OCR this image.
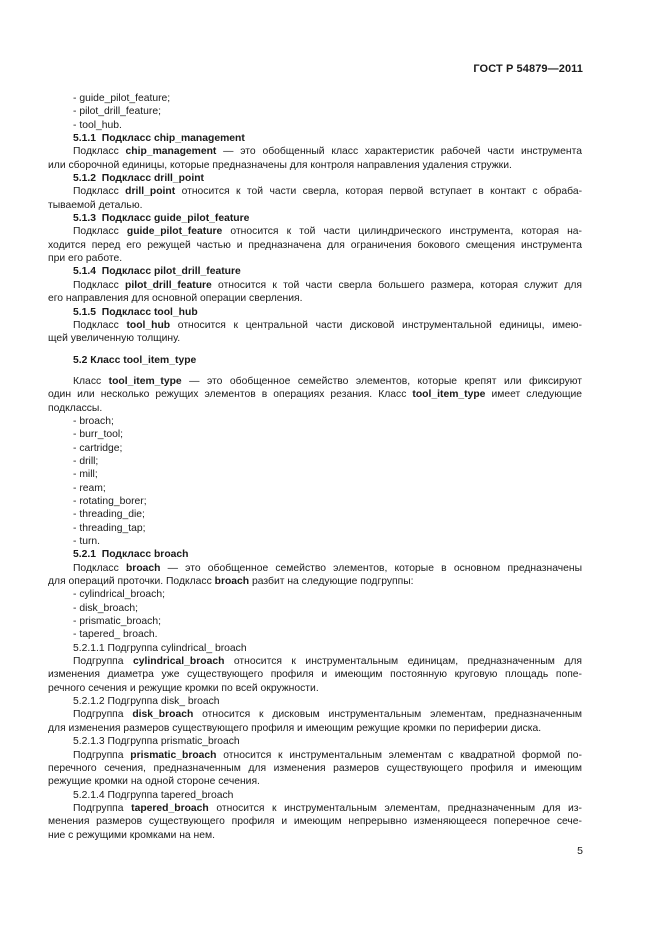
ГОСТ Р 54879—2011
- guide_pilot_feature;
- pilot_drill_feature;
- tool_hub.
5.1.1 Подкласс chip_management
Подкласс chip_management — это обобщенный класс характеристик рабочей части инструмента
или сборочной единицы, которые предназначены для контроля направления удаления стружки.
5.1.2 Подкласс drill_point
Подкласс drill_point относится к той части сверла, которая первой вступает в контакт с обраба-
тываемой деталью.
5.1.3 Подкласс guide_pilot_feature
Подкласс guide_pilot_feature относится к той части цилиндрического инструмента, которая на-
ходится перед его режущей частью и предназначена для ограничения бокового смещения инструмента
при его работе.
5.1.4 Подкласс pilot_drill_feature
Подкласс pilot_drill_feature относится к той части сверла большего размера, которая служит для
его направления для основной операции сверления.
5.1.5 Подкласс tool_hub
Подкласс tool_hub относится к центральной части дисковой инструментальной единицы, имею-
щей увеличенную толщину.
5.2 Класс tool_item_type
Класс tool_item_type — это обобщенное семейство элементов, которые крепят или фиксируют
один или несколько режущих элементов в операциях резания. Класс tool_item_type имеет следующие
подклассы.
- broach;
- burr_tool;
- cartridge;
- drill;
- mill;
- ream;
- rotating_borer;
- threading_die;
- threading_tap;
- turn.
5.2.1 Подкласс broach
Подкласс broach — это обобщенное семейство элементов, которые в основном предназначены
для операций проточки. Подкласс broach разбит на следующие подгруппы:
- cylindrical_broach;
- disk_broach;
- prismatic_broach;
- tapered_ broach.
5.2.1.1 Подгруппа cylindrical_ broach
Подгруппа cylindrical_broach относится к инструментальным единицам, предназначенным для
изменения диаметра уже существующего профиля и имеющим постоянную круговую площадь попе-
речного сечения и режущие кромки по всей окружности.
5.2.1.2 Подгруппа disk_ broach
Подгруппа disk_broach относится к дисковым инструментальным элементам, предназначенным
для изменения размеров существующего профиля и имеющим режущие кромки по периферии диска.
5.2.1.3 Подгруппа prismatic_broach
Подгруппа prismatic_broach относится к инструментальным элементам с квадратной формой по-
перечного сечения, предназначенным для изменения размеров существующего профиля и имеющим
режущие кромки на одной стороне сечения.
5.2.1.4 Подгруппа tapered_broach
Подгруппа tapered_broach относится к инструментальным элементам, предназначенным для из-
менения размеров существующего профиля и имеющим непрерывно изменяющееся поперечное сече-
ние с режущими кромками на нем.
5
